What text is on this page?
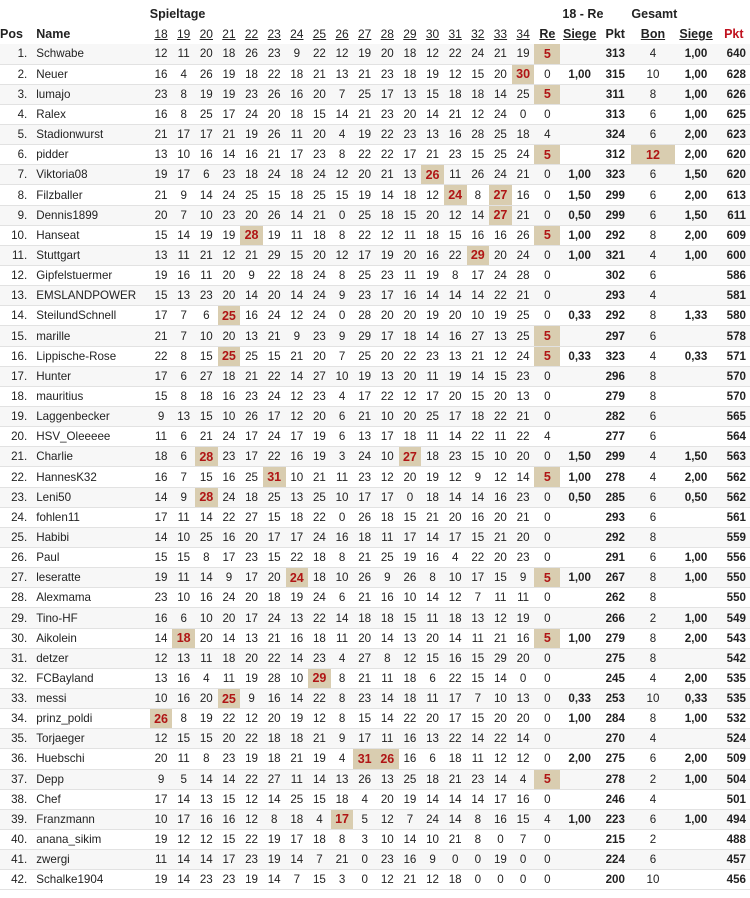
		Spieltage																	18 - Re			Gesamt		
Pos	Name	18	19	20	21	22	23	24	25	26	27	28	29	30	31	32	33	34	Re	Siege	Pkt	Bon	Siege	Pkt
1.	Schwabe	12	11	20	18	26	23	9	22	12	19	20	18	12	22	24	21	19	5		313	4	1,00	640
2.	Neuer	16	4	26	19	18	22	18	21	13	21	23	18	19	12	15	20	30	0	1,00	315	10	1,00	628
3.	lumajo	23	8	19	19	23	26	16	20	7	25	17	13	15	18	18	14	25	5		311	8	1,00	626
4.	Ralex	16	8	25	17	24	20	18	15	14	21	23	20	14	21	12	24	0	0		313	6	1,00	625
5.	Stadionwurst	21	17	17	21	19	26	11	20	4	19	22	23	13	16	28	25	18	4		324	6	2,00	623
6.	pidder	13	10	16	14	16	21	17	23	8	22	22	17	21	23	15	25	24	5		312	12	2,00	620
7.	Viktoria08	19	17	6	23	18	24	18	24	12	20	21	13	26	11	26	24	21	0	1,00	323	6	1,50	620
8.	Filzballer	21	9	14	24	25	15	18	25	15	19	14	18	12	24	8	27	16	0	1,50	299	6	2,00	613
9.	Dennis1899	20	7	10	23	20	26	14	21	0	25	18	15	20	12	14	27	21	0	0,50	299	6	1,50	611
10.	Hanseat	15	14	19	19	28	19	11	18	8	22	12	11	18	15	16	16	26	5	1,00	292	8	2,00	609
11.	Stuttgart	13	11	21	12	21	29	15	20	12	17	19	20	16	22	29	20	24	0	1,00	321	4	1,00	600
12.	Gipfelstuermer	19	16	11	20	9	22	18	24	8	25	23	11	19	8	17	24	28	0		302	6		586
13.	EMSLANDPOWER	15	13	23	20	14	20	14	24	9	23	17	16	14	14	14	22	21	0		293	4		581
14.	SteilundSchnell	17	7	6	25	16	24	12	24	0	28	20	20	19	20	10	19	25	0	0,33	292	8	1,33	580
15.	marille	21	7	10	20	13	21	9	23	9	29	17	18	14	16	27	13	25	5		297	6		578
16.	Lippische-Rose	22	8	15	25	25	15	21	20	7	25	20	22	23	13	21	12	24	5	0,33	323	4	0,33	571
17.	Hunter	17	6	27	18	21	22	14	27	10	19	13	20	11	19	14	15	23	0		296	8		570
18.	mauritius	15	8	18	16	23	24	12	23	4	17	22	12	17	20	15	20	13	0		279	8		570
19.	Laggenbecker	9	13	15	10	26	17	12	20	6	21	10	20	25	17	18	22	21	0		282	6		565
20.	HSV_Oleeeee	11	6	21	24	17	24	17	19	6	13	17	18	11	14	22	11	22	4		277	6		564
21.	Charlie	18	6	28	23	17	22	16	19	3	24	10	27	18	23	15	10	20	0	1,50	299	4	1,50	563
22.	HannesK32	16	7	15	16	25	31	10	21	11	23	12	20	19	12	9	12	14	5	1,00	278	4	2,00	562
23.	Leni50	14	9	28	24	18	25	13	25	10	17	17	0	18	14	14	16	23	0	0,50	285	6	0,50	562
24.	fohlen11	17	11	14	22	27	15	18	22	0	26	18	15	21	20	16	20	21	0		293	6		561
25.	Habibi	14	10	25	16	20	17	17	24	16	18	11	17	14	17	15	21	20	0		292	8		559
26.	Paul	15	15	8	17	23	15	22	18	8	21	25	19	16	4	22	20	23	0		291	6	1,00	556
27.	leseratte	19	11	14	9	17	20	24	18	10	26	9	26	8	10	17	15	9	5	1,00	267	8	1,00	550
28.	Alexmama	23	10	16	24	20	18	19	24	6	21	16	10	14	12	7	11	11	0		262	8		550
29.	Tino-HF	16	6	10	20	17	24	13	22	14	18	18	15	11	18	13	12	19	0		266	2	1,00	549
30.	Aikolein	14	18	20	14	13	21	16	18	11	20	14	13	20	14	11	21	16	5	1,00	279	8	2,00	543
31.	detzer	12	13	11	18	20	22	14	23	4	27	8	12	15	16	15	29	20	0		275	8		542
32.	FCBayland	13	16	4	11	19	28	10	29	8	21	11	18	6	22	15	14	0	0		245	4	2,00	535
33.	messi	10	16	20	25	9	16	14	22	8	23	14	18	11	17	7	10	13	0	0,33	253	10	0,33	535
34.	prinz_poldi	26	8	19	22	12	20	19	12	8	15	14	22	20	17	15	20	20	0	1,00	284	8	1,00	532
35.	Torjaeger	12	15	15	20	22	18	18	21	9	17	11	16	13	22	14	22	14	0		270	4		524
36.	Huebschi	20	11	8	23	19	18	21	19	4	31	26	16	6	18	11	12	12	0	2,00	275	6	2,00	509
37.	Depp	9	5	14	14	22	27	11	14	13	26	13	25	18	21	23	14	4	5		278	2	1,00	504
38.	Chef	17	14	13	15	12	14	25	15	18	4	20	19	14	14	14	17	16	0		246	4		501
39.	Franzmann	10	17	16	16	12	8	18	4	17	5	12	7	24	14	8	16	15	4	1,00	223	6	1,00	494
40.	anana_sikim	19	12	12	15	22	19	17	18	8	3	10	14	10	21	8	0	7	0		215	2		488
41.	zwergi	11	14	14	17	23	19	14	7	21	0	23	16	9	0	0	19	0	0		224	6		457
42.	Schalke1904	19	14	23	23	19	14	7	15	3	0	12	21	12	18	0	0	0	0		200	10		456
